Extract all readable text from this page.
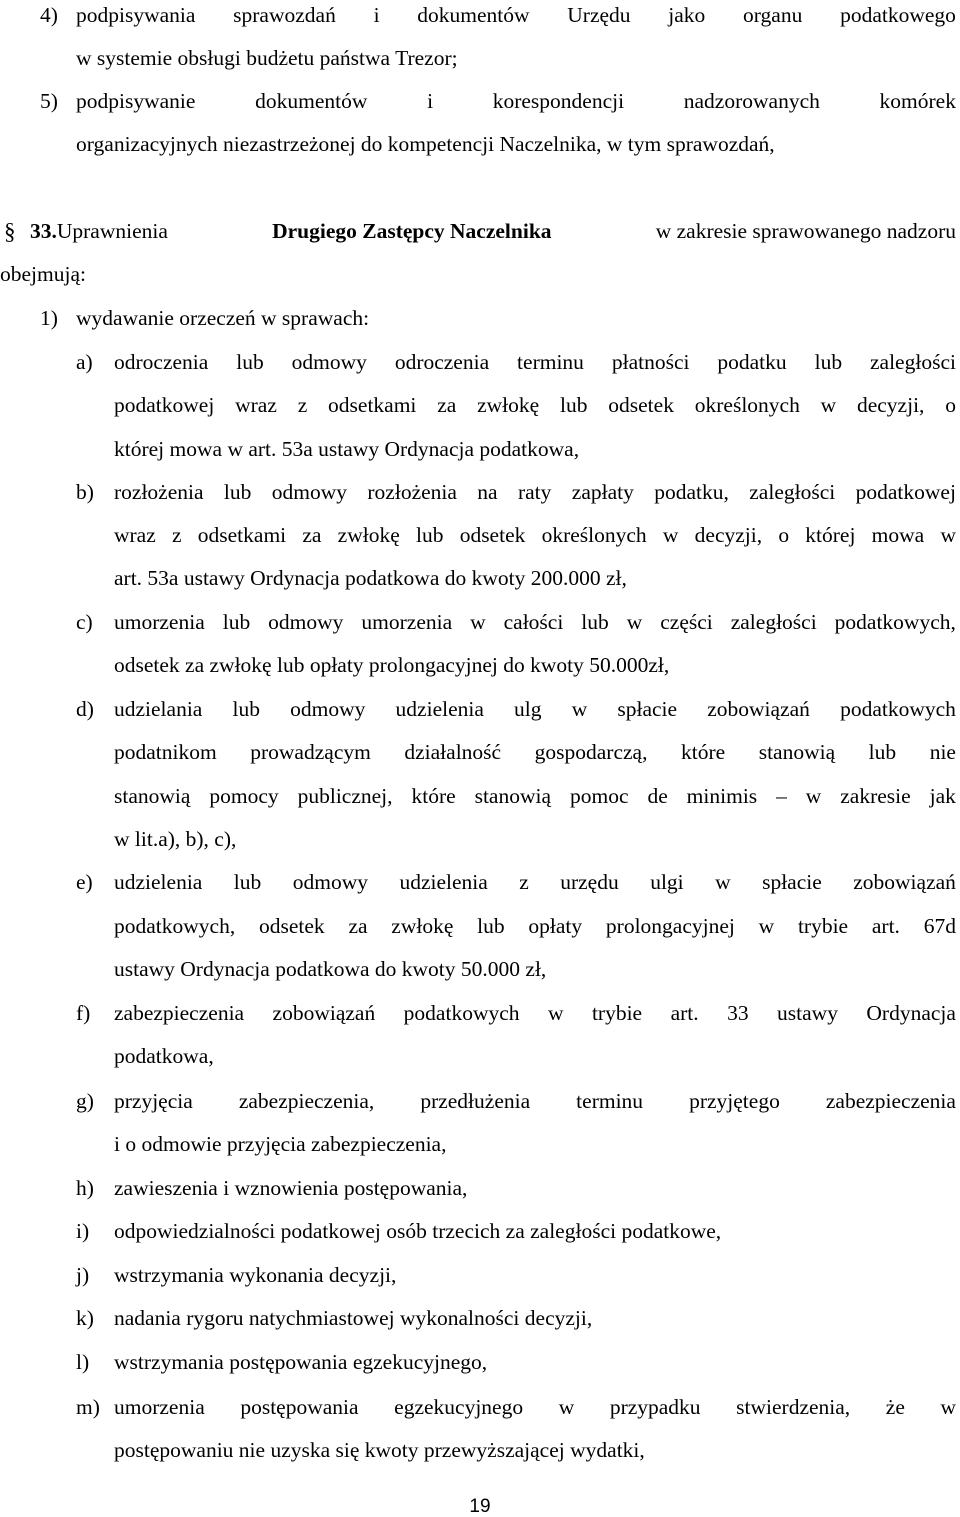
4) podpisywania sprawozdań i dokumentów Urzędu jako organu podatkowego
w systemie obsługi budżetu państwa Trezor;
5) podpisywanie	dokumentów	i	korespondencji	nadzorowanych	komórek
organizacyjnych niezastrzeżonej do kompetencji Naczelnika, w tym sprawozdań,
§ 33.Uprawnienia	Drugiego Zastępcy Naczelnika	w zakresie sprawowanego nadzoru
obejmują:
1) wydawanie orzeczeń w sprawach:
a) odroczenia lub odmowy odroczenia terminu płatności podatku lub zaległości
podatkowej wraz z odsetkami za zwłokę lub odsetek określonych w decyzji, o
której mowa w art. 53a ustawy Ordynacja podatkowa,
b) rozłożenia lub odmowy rozłożenia na raty zapłaty podatku, zaległości podatkowej
wraz z odsetkami za zwłokę lub odsetek określonych w decyzji, o której mowa w
art. 53a ustawy Ordynacja podatkowa do kwoty 200.000 zł,
c) umorzenia lub odmowy umorzenia w całości lub w części zaległości podatkowych,
odsetek za zwłokę lub opłaty prolongacyjnej do kwoty 50.000zł,
d) udzielania lub odmowy udzielenia ulg w spłacie zobowiązań podatkowych
podatnikom prowadzącym działalność gospodarczą, które stanowią lub nie
stanowią pomocy publicznej, które stanowią pomoc de minimis – w zakresie jak
w lit.a), b), c),
e) udzielenia lub odmowy udzielenia z urzędu ulgi w spłacie zobowiązań
podatkowych, odsetek za zwłokę lub opłaty prolongacyjnej w trybie art. 67d
ustawy Ordynacja podatkowa do kwoty 50.000 zł,
f) zabezpieczenia zobowiązań podatkowych w trybie art. 33 ustawy Ordynacja
podatkowa,
g) przyjęcia zabezpieczenia, przedłużenia terminu przyjętego zabezpieczenia
i o odmowie przyjęcia zabezpieczenia,
h) zawieszenia i wznowienia postępowania,
i) odpowiedzialności podatkowej osób trzecich za zaległości podatkowe,
j) wstrzymania wykonania decyzji,
k) nadania rygoru natychmiastowej wykonalności decyzji,
l) wstrzymania postępowania egzekucyjnego,
m) umorzenia postępowania egzekucyjnego w przypadku stwierdzenia, że w
postępowaniu nie uzyska się kwoty przewyższającej wydatki,
19
